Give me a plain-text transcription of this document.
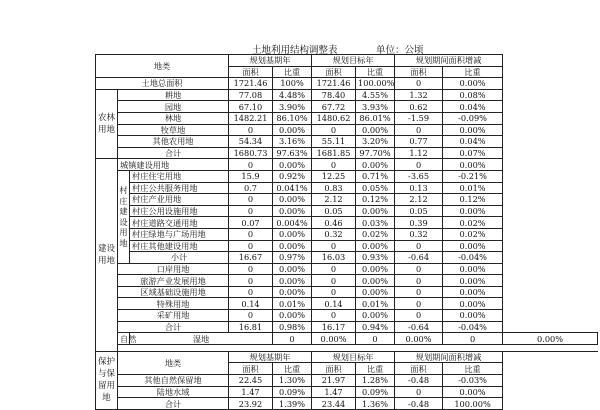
土地利用结构调整表	单位：公顷
地类			规划基期年		规划目标年		规划期间面积增减		
			面积	比重	面积	比重	面积	比重	
土地总面积			1721.46	100%	1721.46	100.00%	0	0.00%	
农林用地	耕地		77.08	4.48%	78.40	4.55%	1.32	0.08%	
	园地		67.10	3.90%	67.72	3.93%	0.62	0.04%	
	林地		1482.21	86.10%	1480.62	86.01%	-1.59	-0.09%	
	牧草地		0	0.00%	0	0.00%	0	0.00%	
	其他农用地		54.34	3.16%	55.11	3.20%	0.77	0.04%	
	合计		1680.73	97.63%	1681.85	97.70%	1.12	0.07%	
建设用地	城镇建设用地		0	0.00%	0	0.00%	0	0.00%	
	村庄建设用地	村庄住宅用地	15.9	0.92%	12.25	0.71%	-3.65	-0.21%	
		村庄公共服务用地	0.7	0.041%	0.83	0.05%	0.13	0.01%	
		村庄产业用地	0	0.00%	2.12	0.12%	2.12	0.12%	
		村庄公用设施用地	0	0.00%	0.05	0.00%	0.05	0.00%	
		村庄道路交通用地	0.07	0.004%	0.46	0.03%	0.39	0.02%	
		村庄绿地与广场用地	0	0.00%	0.32	0.02%	0.32	0.02%	
		村庄其他建设用地	0	0.00%	0	0.00%	0	0.00%	
		小计	16.67	0.97%	16.03	0.93%	-0.64	-0.04%	
	口岸用地		0	0.00%	0	0.00%	0	0.00%	
	旅游产业发展用地		0	0.00%	0	0.00%	0	0.00%	
	区域基础设施用地		0	0.00%	0	0.00%	0	0.00%	
	特殊用地		0.14	0.01%	0.14	0.01%	0	0.00%	
	采矿用地		0	0.00%	0	0.00%	0	0.00%	
	合计		16.81	0.98%	16.17	0.94%	-0.64	-0.04%	
	自然	湿地		0	0.00%	0	0.00%	0	0.00%

保护与保留用地	地类		规划基期年		规划目标年		规划期间面积增减		
			面积	比重	面积	比重	面积	比重	
	其他自然保留地		22.45	1.30%	21.97	1.28%	-0.48	-0.03%	
	陆地水域		1.47	0.09%	1.47	0.09%	0	0.00%	
	合计		23.92	1.39%	23.44	1.36%	-0.48	100.00%	
